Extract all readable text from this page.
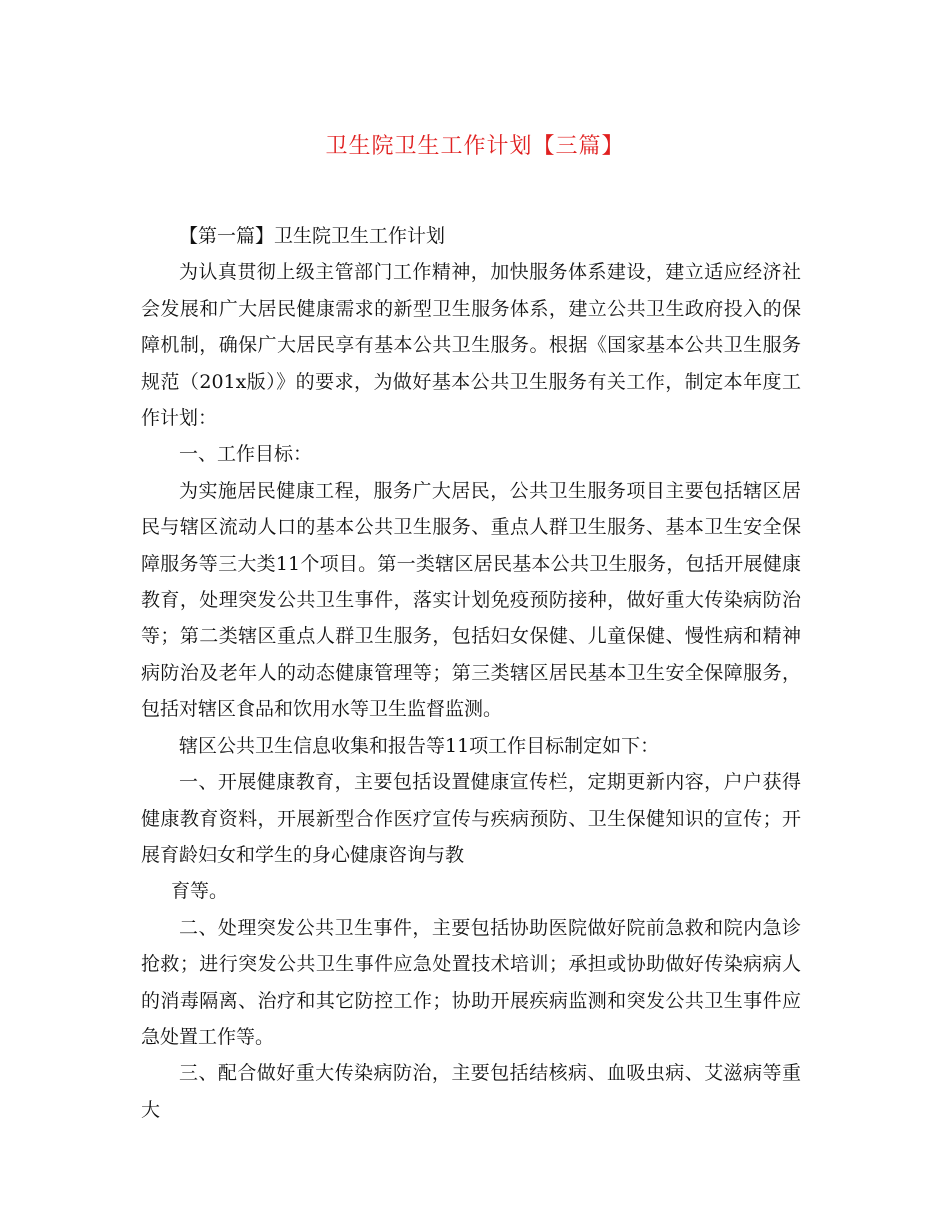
卫生院卫生工作计划【三篇】

【第一篇】卫生院卫生工作计划

为认真贯彻上级主管部门工作精神，加快服务体系建设，建立适应经济社会发展和广大居民健康需求的新型卫生服务体系，建立公共卫生政府投入的保障机制，确保广大居民享有基本公共卫生服务。根据《国家基本公共卫生服务规范（201x版）》的要求，为做好基本公共卫生服务有关工作，制定本年度工作计划：

一、工作目标：

为实施居民健康工程，服务广大居民，公共卫生服务项目主要包括辖区居民与辖区流动人口的基本公共卫生服务、重点人群卫生服务、基本卫生安全保障服务等三大类11个项目。第一类辖区居民基本公共卫生服务，包括开展健康教育，处理突发公共卫生事件，落实计划免疫预防接种，做好重大传染病防治等；第二类辖区重点人群卫生服务，包括妇女保健、儿童保健、慢性病和精神病防治及老年人的动态健康管理等；第三类辖区居民基本卫生安全保障服务，包括对辖区食品和饮用水等卫生监督监测。

辖区公共卫生信息收集和报告等11项工作目标制定如下：

一、开展健康教育，主要包括设置健康宣传栏，定期更新内容，户户获得健康教育资料，开展新型合作医疗宣传与疾病预防、卫生保健知识的宣传；开展育龄妇女和学生的身心健康咨询与教

育等。

二、处理突发公共卫生事件，主要包括协助医院做好院前急救和院内急诊抢救；进行突发公共卫生事件应急处置技术培训；承担或协助做好传染病病人的消毒隔离、治疗和其它防控工作；协助开展疾病监测和突发公共卫生事件应急处置工作等。

三、配合做好重大传染病防治，主要包括结核病、血吸虫病、艾滋病等重大
